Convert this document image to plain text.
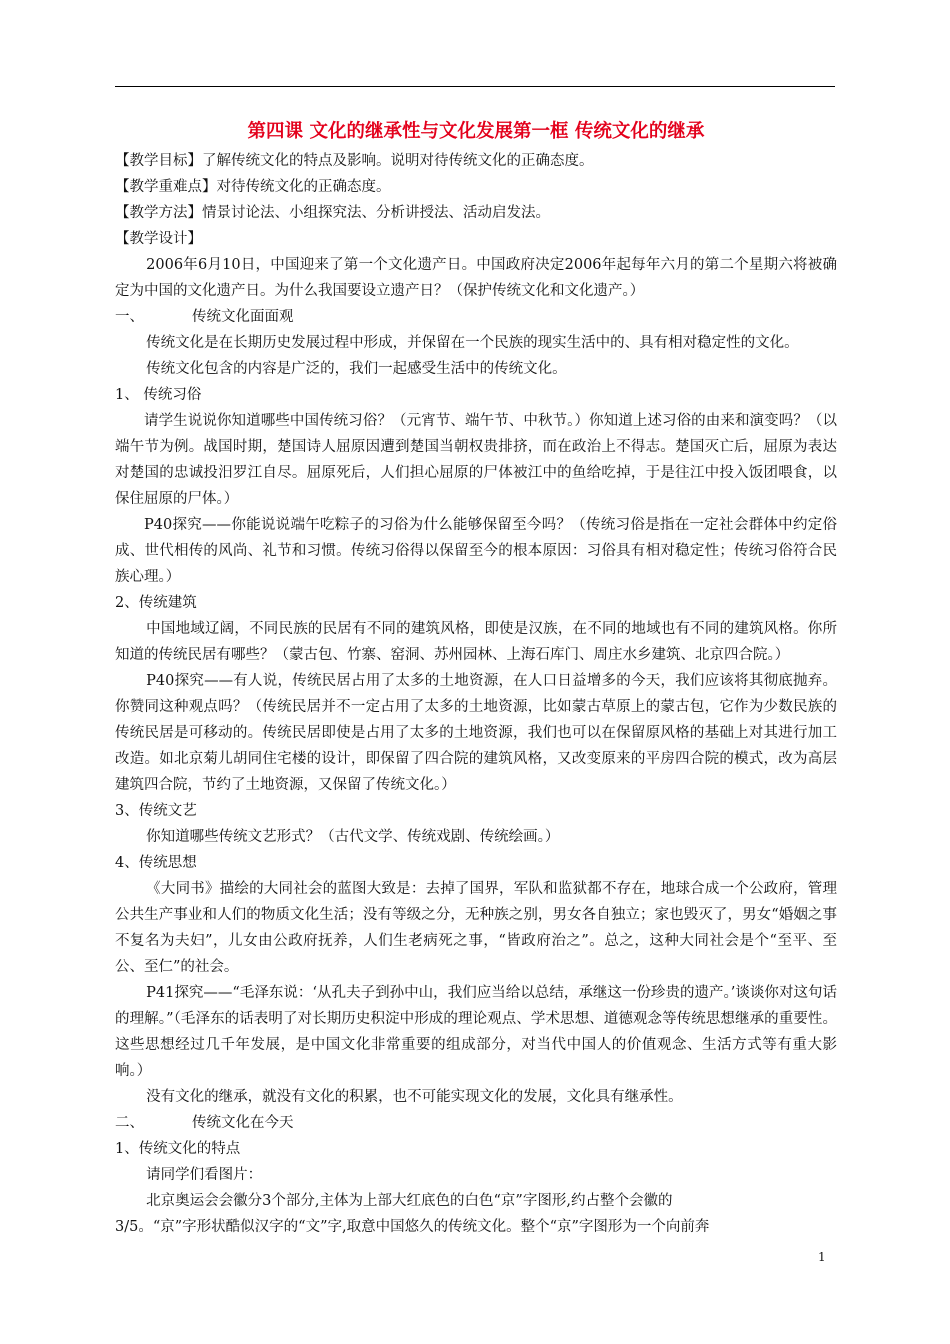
第四课 文化的继承性与文化发展第一框 传统文化的继承

【教学目标】了解传统文化的特点及影响。说明对待传统文化的正确态度。

【教学重难点】对待传统文化的正确态度。

【教学方法】情景讨论法、小组探究法、分析讲授法、活动启发法。

【教学设计】

2006年6月10日，中国迎来了第一个文化遗产日。中国政府决定2006年起每年六月的第二个星期六将被确定为中国的文化遗产日。为什么我国要设立遗产日？（保护传统文化和文化遗产。）

一、	传统文化面面观

传统文化是在长期历史发展过程中形成，并保留在一个民族的现实生活中的、具有相对稳定性的文化。

传统文化包含的内容是广泛的，我们一起感受生活中的传统文化。

1、 传统习俗

请学生说说你知道哪些中国传统习俗？（元宵节、端午节、中秋节。）你知道上述习俗的由来和演变吗？（以端午节为例。战国时期，楚国诗人屈原因遭到楚国当朝权贵排挤，而在政治上不得志。楚国灭亡后，屈原为表达对楚国的忠诚投汨罗江自尽。屈原死后，人们担心屈原的尸体被江中的鱼给吃掉，于是往江中投入饭团喂食，以保住屈原的尸体。）

P40探究——你能说说端午吃粽子的习俗为什么能够保留至今吗？（传统习俗是指在一定社会群体中约定俗成、世代相传的风尚、礼节和习惯。传统习俗得以保留至今的根本原因：习俗具有相对稳定性；传统习俗符合民族心理。）

2、传统建筑

中国地域辽阔，不同民族的民居有不同的建筑风格，即使是汉族，在不同的地域也有不同的建筑风格。你所知道的传统民居有哪些？（蒙古包、竹寨、窑洞、苏州园林、上海石库门、周庄水乡建筑、北京四合院。）

P40探究——有人说，传统民居占用了太多的土地资源，在人口日益增多的今天，我们应该将其彻底抛弃。你赞同这种观点吗？（传统民居并不一定占用了太多的土地资源，比如蒙古草原上的蒙古包，它作为少数民族的传统民居是可移动的。传统民居即使是占用了太多的土地资源，我们也可以在保留原风格的基础上对其进行加工改造。如北京菊儿胡同住宅楼的设计，即保留了四合院的建筑风格，又改变原来的平房四合院的模式，改为高层建筑四合院，节约了土地资源，又保留了传统文化。）

3、传统文艺

你知道哪些传统文艺形式？（古代文学、传统戏剧、传统绘画。）

4、传统思想

《大同书》描绘的大同社会的蓝图大致是：去掉了国界，军队和监狱都不存在，地球合成一个公政府，管理公共生产事业和人们的物质文化生活；没有等级之分，无种族之别，男女各自独立；家也毁灭了，男女“婚姻之事不复名为夫妇”，儿女由公政府抚养，人们生老病死之事，“皆政府治之”。总之，这种大同社会是个“至平、至公、至仁”的社会。

P41探究——“毛泽东说：‘从孔夫子到孙中山，我们应当给以总结，承继这一份珍贵的遗产。’谈谈你对这句话的理解。”（毛泽东的话表明了对长期历史积淀中形成的理论观点、学术思想、道德观念等传统思想继承的重要性。这些思想经过几千年发展，是中国文化非常重要的组成部分，对当代中国人的价值观念、生活方式等有重大影响。）

没有文化的继承，就没有文化的积累，也不可能实现文化的发展，文化具有继承性。

二、	传统文化在今天

1、传统文化的特点

请同学们看图片：

北京奥运会会徽分3个部分,主体为上部大红底色的白色“京”字图形,约占整个会徽的

3/5。“京”字形状酷似汉字的“文”字,取意中国悠久的传统文化。整个“京”字图形为一个向前奔

1
